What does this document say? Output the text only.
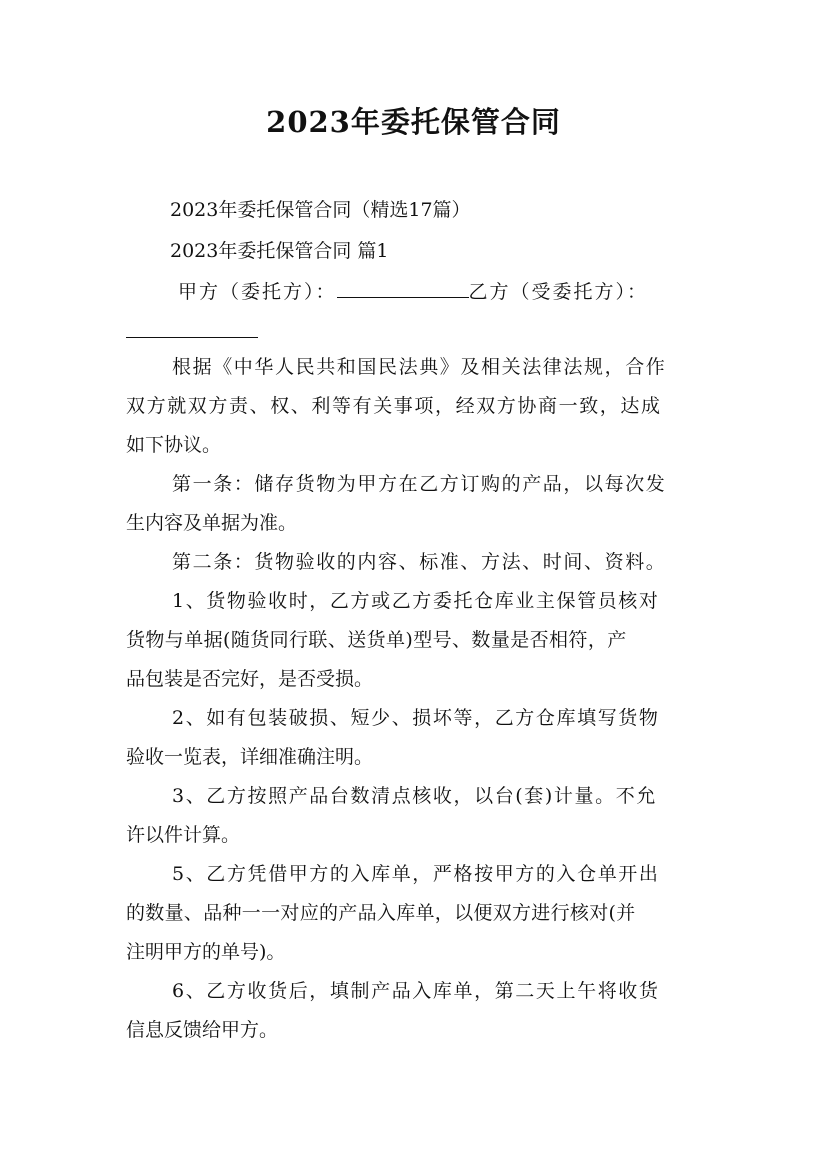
2023年委托保管合同
2023年委托保管合同（精选17篇）
2023年委托保管合同 篇1
甲方（委托方）：	乙方（受委托方）：
根据《中华人民共和国民法典》及相关法律法规，合作
双方就双方责、权、利等有关事项，经双方协商一致，达成
如下协议。
第一条：储存货物为甲方在乙方订购的产品，以每次发
生内容及单据为准。
第二条：货物验收的内容、标准、方法、时间、资料。
1、货物验收时，乙方或乙方委托仓库业主保管员核对
货物与单据(随货同行联、送货单)型号、数量是否相符，产
品包装是否完好，是否受损。
2、如有包装破损、短少、损坏等，乙方仓库填写货物
验收一览表，详细准确注明。
3、乙方按照产品台数清点核收，以台(套)计量。不允
许以件计算。
5、乙方凭借甲方的入库单，严格按甲方的入仓单开出
的数量、品种一一对应的产品入库单，以便双方进行核对(并
注明甲方的单号)。
6、乙方收货后，填制产品入库单，第二天上午将收货
信息反馈给甲方。
